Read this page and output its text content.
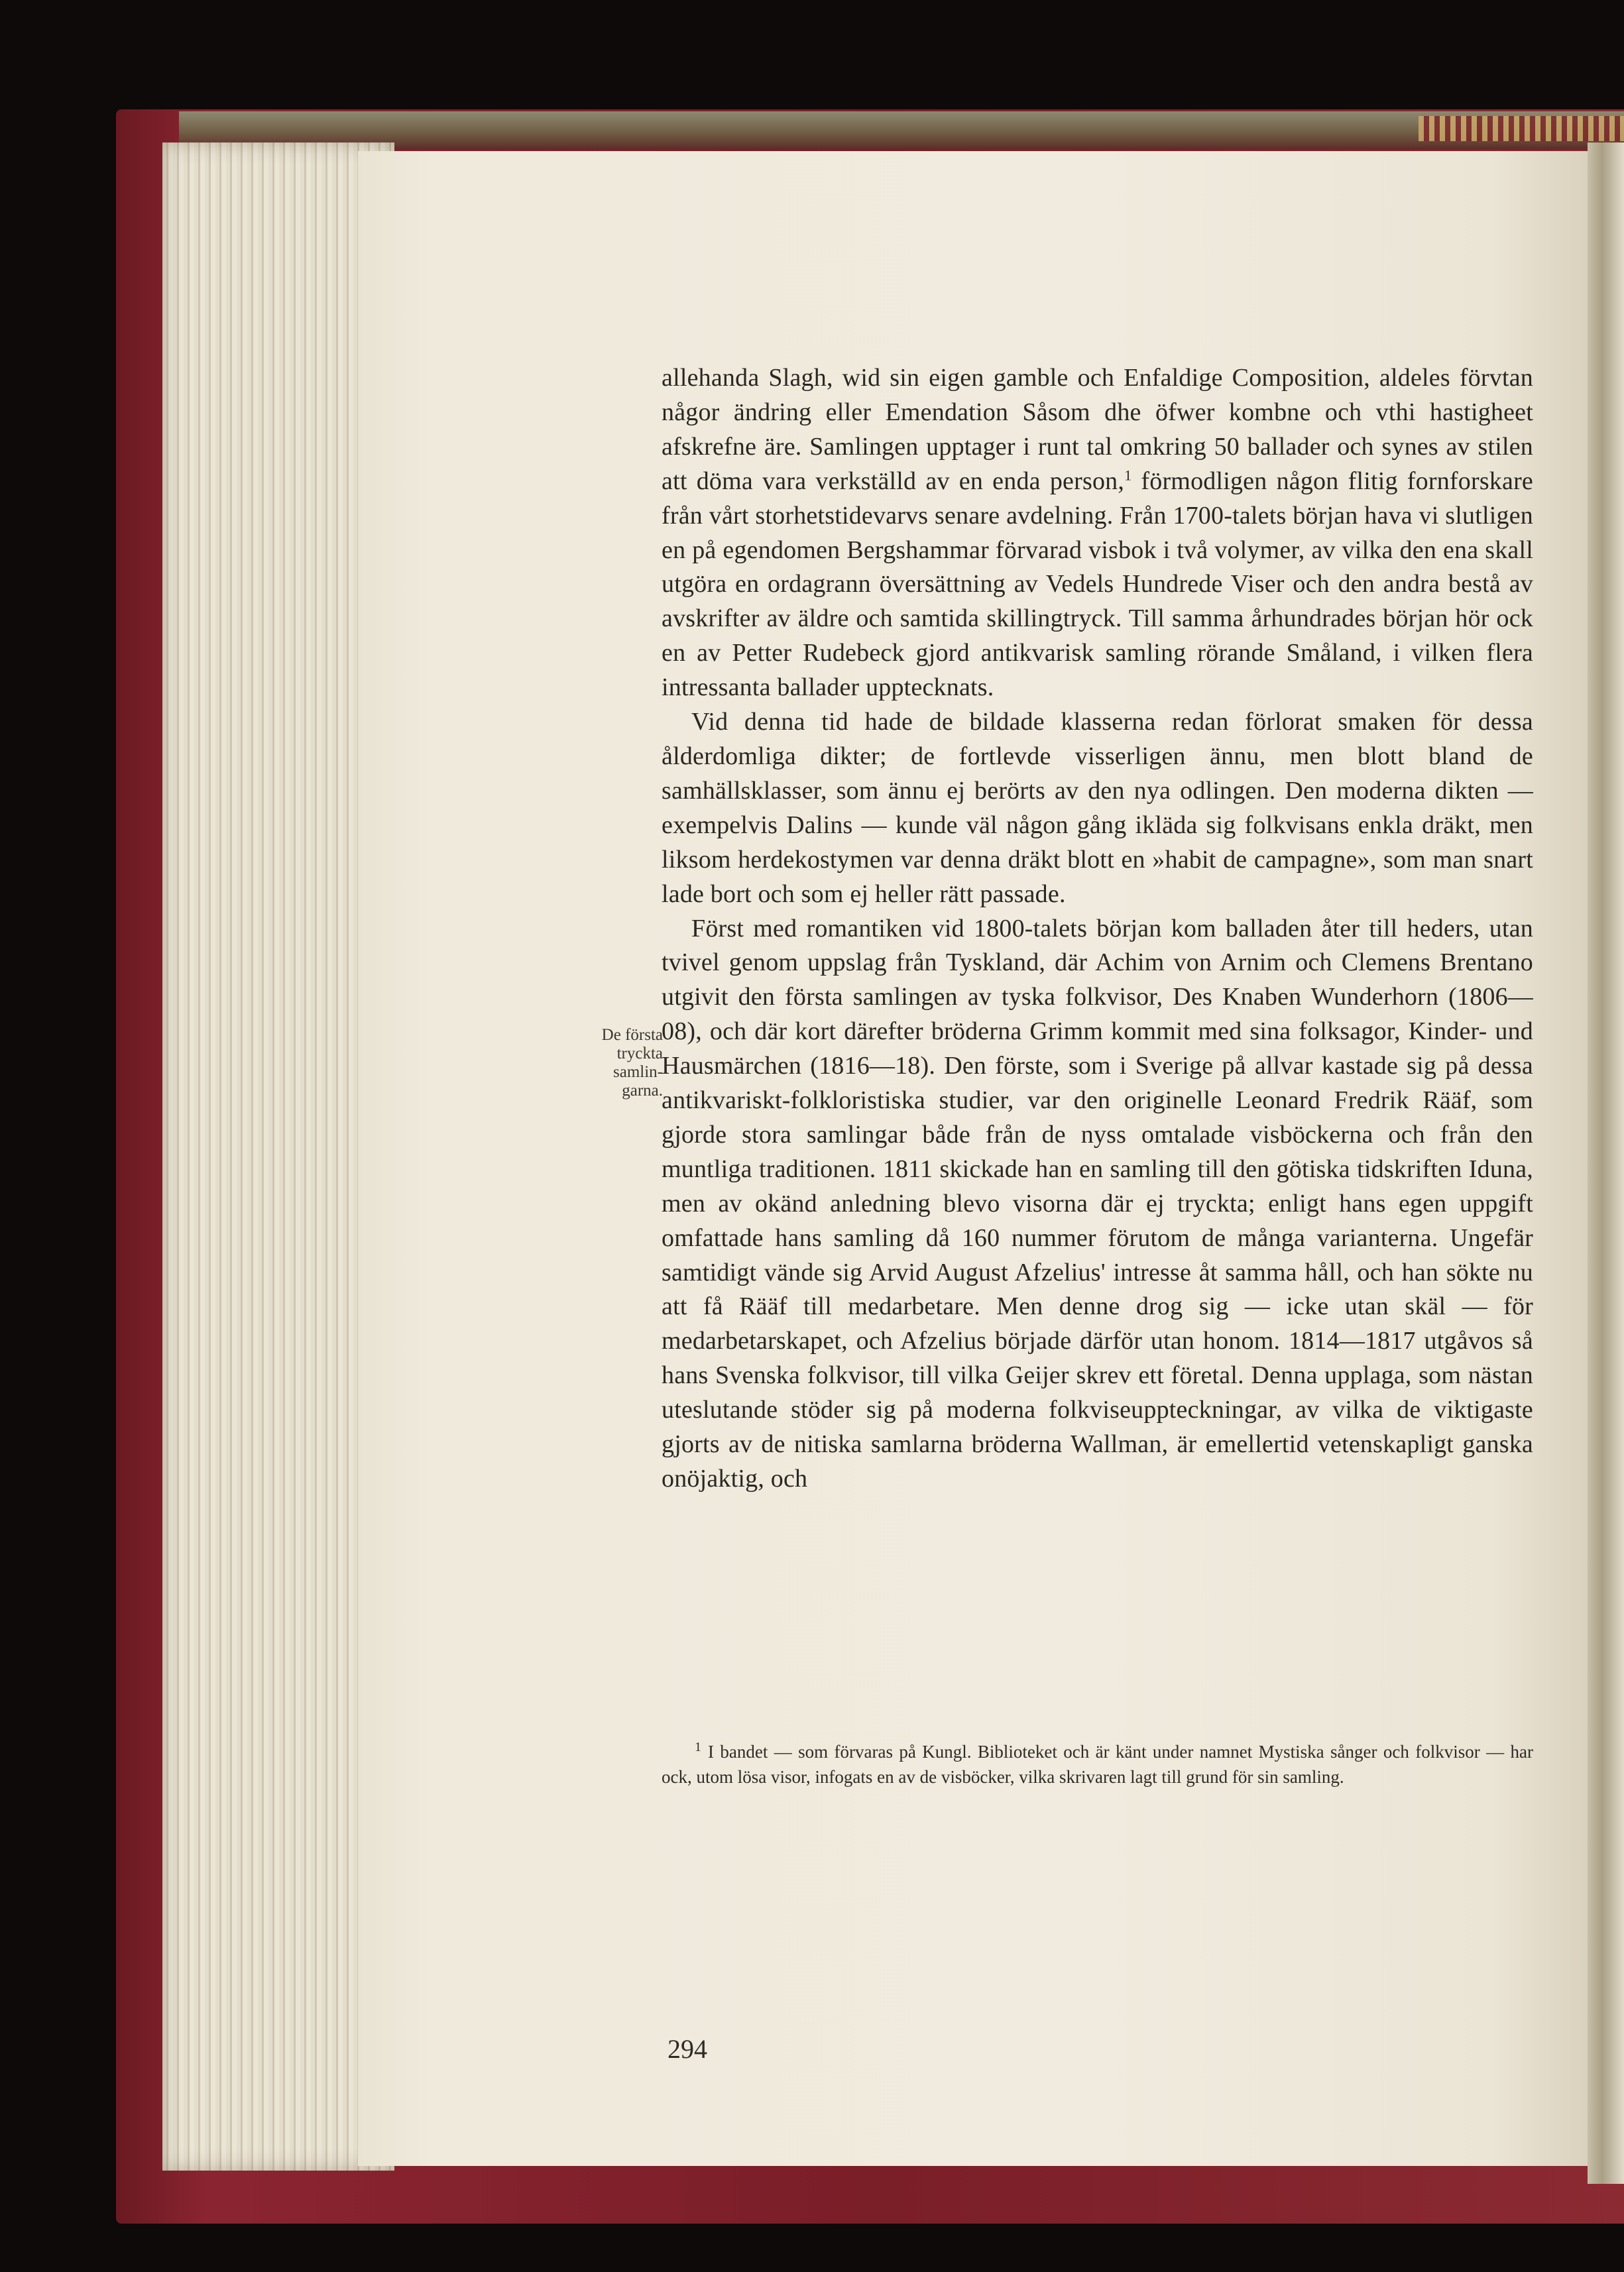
De första
tryckta
samlin-
garna.

allehanda Slagh, wid sin eigen gamble och Enfaldige Composition, aldeles förvtan någor ändring eller Emendation Såsom dhe öfwer kombne och vthi hastigheet afskrefne äre. Samlingen upptager i runt tal omkring 50 ballader och synes av stilen att döma vara verkställd av en enda person,$^1$ förmodligen någon flitig fornforskare från vårt storhetstidevarvs senare avdelning. Från 1700-talets början hava vi slutligen en på egendomen Bergshammar förvarad visbok i två volymer, av vilka den ena skall utgöra en ordagrann översättning av Vedels Hundrede Viser och den andra bestå av avskrifter av äldre och samtida skillingtryck. Till samma århundrades början hör ock en av Petter Rudebeck gjord antikvarisk samling rörande Småland, i vilken flera intressanta ballader upptecknats.

Vid denna tid hade de bildade klasserna redan förlorat smaken för dessa ålderdomliga dikter; de fortlevde visserligen ännu, men blott bland de samhällsklasser, som ännu ej berörts av den nya odlingen. Den moderna dikten — exempelvis Dalins — kunde väl någon gång ikläda sig folkvisans enkla dräkt, men liksom herdekostymen var denna dräkt blott en »habit de campagne», som man snart lade bort och som ej heller rätt passade.

Först med romantiken vid 1800-talets början kom balladen åter till heders, utan tvivel genom uppslag från Tyskland, där Achim von Arnim och Clemens Brentano utgivit den första samlingen av tyska folkvisor, Des Knaben Wunderhorn (1806—08), och där kort därefter bröderna Grimm kommit med sina folksagor, Kinder- und Hausmärchen (1816—18). Den förste, som i Sverige på allvar kastade sig på dessa antikvariskt-folkloristiska studier, var den originelle Leonard Fredrik Rääf, som gjorde stora samlingar både från de nyss omtalade visböckerna och från den muntliga traditionen. 1811 skickade han en samling till den götiska tidskriften Iduna, men av okänd anledning blevo visorna där ej tryckta; enligt hans egen uppgift omfattade hans samling då 160 nummer förutom de många varianterna. Ungefär samtidigt vände sig Arvid August Afzelius' intresse åt samma håll, och han sökte nu att få Rääf till medarbetare. Men denne drog sig — icke utan skäl — för medarbetarskapet, och Afzelius började därför utan honom. 1814—1817 utgåvos så hans Svenska folkvisor, till vilka Geijer skrev ett företal. Denna upplaga, som nästan uteslutande stöder sig på moderna folkviseuppteckningar, av vilka de viktigaste gjorts av de nitiska samlarna bröderna Wallman, är emellertid vetenskapligt ganska onöjaktig, och

$^1$ I bandet — som förvaras på Kungl. Biblioteket och är känt under namnet Mystiska sånger och folkvisor — har ock, utom lösa visor, infogats en av de visböcker, vilka skrivaren lagt till grund för sin samling.
294
